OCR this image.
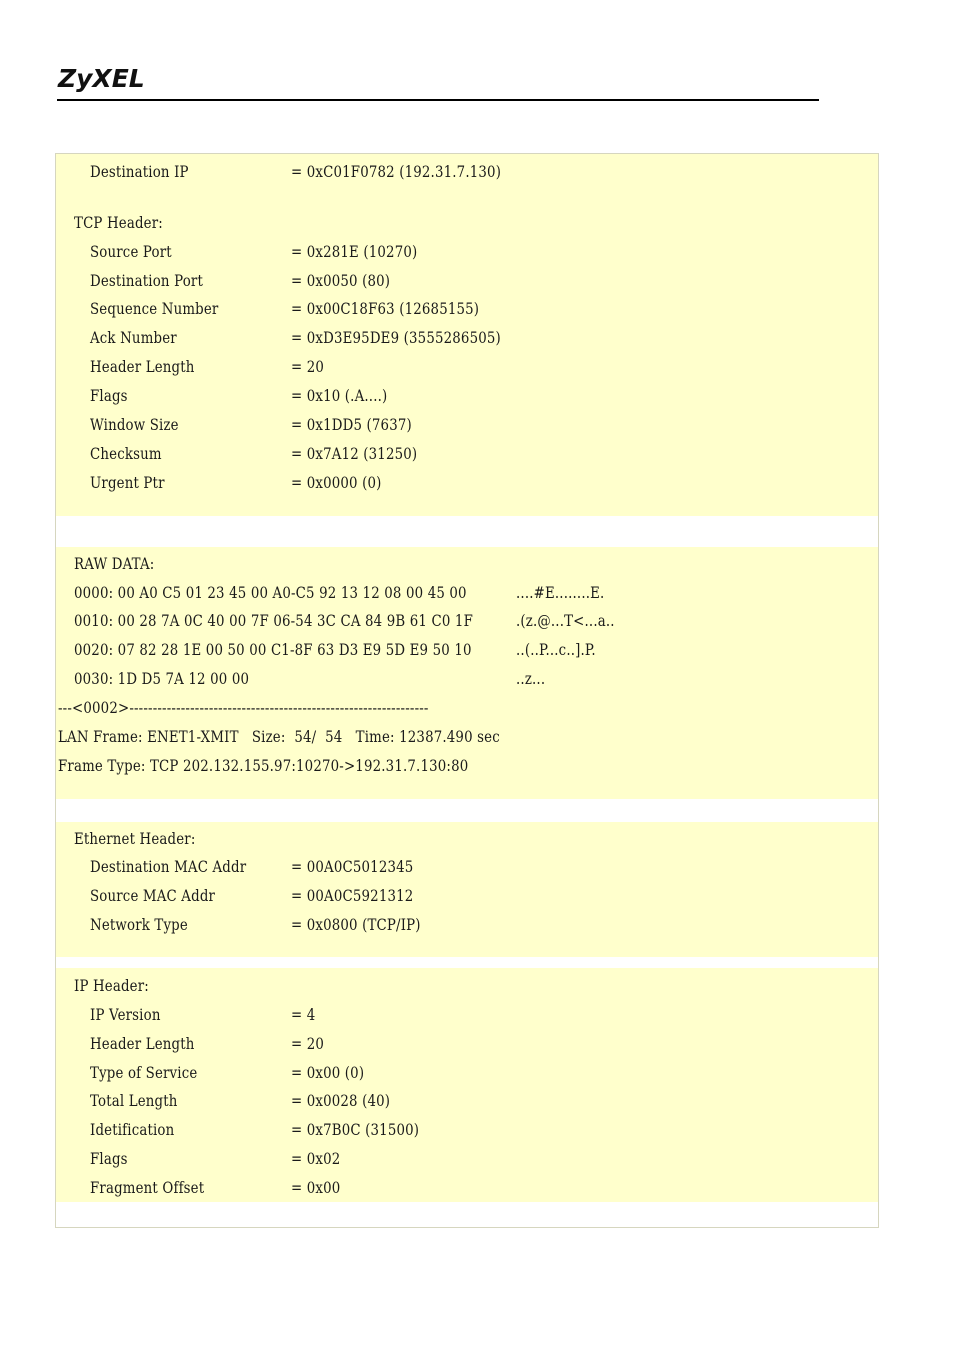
ZyXEL
Destination IP	= 0xC01F0782 (192.31.7.130)
TCP Header:
Source Port	= 0x281E (10270)
Destination Port	= 0x0050 (80)
Sequence Number	= 0x00C18F63 (12685155)
Ack Number	= 0xD3E95DE9 (3555286505)
Header Length	= 20
Flags	= 0x10 (.A....)
Window Size	= 0x1DD5 (7637)
Checksum	= 0x7A12 (31250)
Urgent Ptr	= 0x0000 (0)
RAW DATA:
0000: 00 A0 C5 01 23 45 00 A0-C5 92 13 12 08 00 45 00	....#E........E.
0010: 00 28 7A 0C 40 00 7F 06-54 3C CA 84 9B 61 C0 1F	.(z.@...T<...a..
0020: 07 82 28 1E 00 50 00 C1-8F 63 D3 E9 5D E9 50 10	..(..P...c..].P.
0030: 1D D5 7A 12 00 00	..z...
---<0002>----------------------------------------------------------------
LAN Frame: ENET1-XMIT   Size:  54/  54   Time: 12387.490 sec
Frame Type: TCP 202.132.155.97:10270->192.31.7.130:80
Ethernet Header:
Destination MAC Addr	= 00A0C5012345
Source MAC Addr	= 00A0C5921312
Network Type	= 0x0800 (TCP/IP)
IP Header:
IP Version	= 4
Header Length	= 20
Type of Service	= 0x00 (0)
Total Length	= 0x0028 (40)
Idetification	= 0x7B0C (31500)
Flags	= 0x02
Fragment Offset	= 0x00
